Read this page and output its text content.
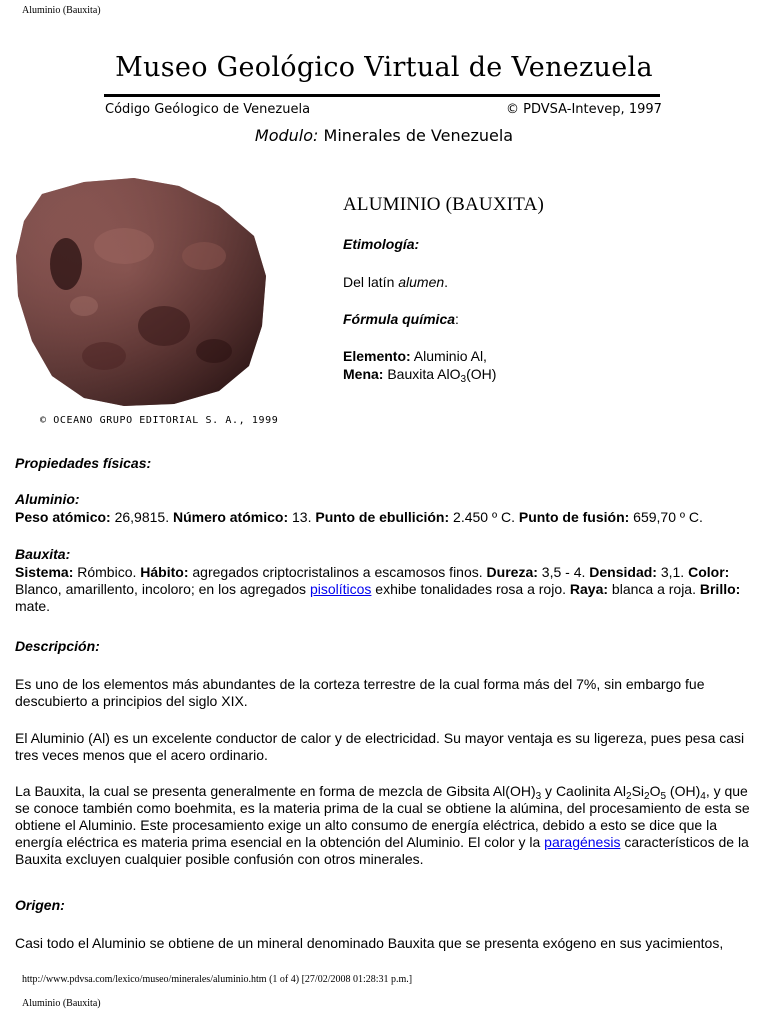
Aluminio (Bauxita)
Museo Geológico Virtual de Venezuela
Código Geólogico de Venezuela	© PDVSA-Intevep, 1997
Modulo: Minerales de Venezuela
© OCEANO GRUPO EDITORIAL S. A., 1999
ALUMINIO (BAUXITA)
Etimología:
Del latín alumen.
Fórmula química:
Elemento: Aluminio Al,
Mena: Bauxita AlO$_3$(OH)
Propiedades físicas:
Aluminio:
Peso atómico: 26,9815. Número atómico: 13. Punto de ebullición: 2.450 º C. Punto de fusión: 659,70 º C.
Bauxita:
Sistema: Rómbico. Hábito: agregados criptocristalinos a escamosos finos. Dureza: 3,5 - 4. Densidad: 3,1. Color: Blanco, amarillento, incoloro; en los agregados pisolíticos exhibe tonalidades rosa a rojo. Raya: blanca a roja. Brillo: mate.
Descripción:
Es uno de los elementos más abundantes de la corteza terrestre de la cual forma más del 7%, sin embargo fue descubierto a principios del siglo XIX.
El Aluminio (Al) es un excelente conductor de calor y de electricidad. Su mayor ventaja es su ligereza, pues pesa casi tres veces menos que el acero ordinario.
La Bauxita, la cual se presenta generalmente en forma de mezcla de Gibsita $Al(OH)_3$ y Caolinita $Al_2Si_2O_5$ $(OH)_4$, y que se conoce también como boehmita, es la materia prima de la cual se obtiene la alúmina, del procesamiento de esta se obtiene el Aluminio. Este procesamiento exige un alto consumo de energía eléctrica, debido a esto se dice que la energía eléctrica es materia prima esencial en la obtención del Aluminio. El color y la paragénesis característicos de la Bauxita excluyen cualquier posible confusión con otros minerales.
Origen:
Casi todo el Aluminio se obtiene de un mineral denominado Bauxita que se presenta exógeno en sus yacimientos,
http://www.pdvsa.com/lexico/museo/minerales/aluminio.htm (1 of 4) [27/02/2008 01:28:31 p.m.]
Aluminio (Bauxita)
